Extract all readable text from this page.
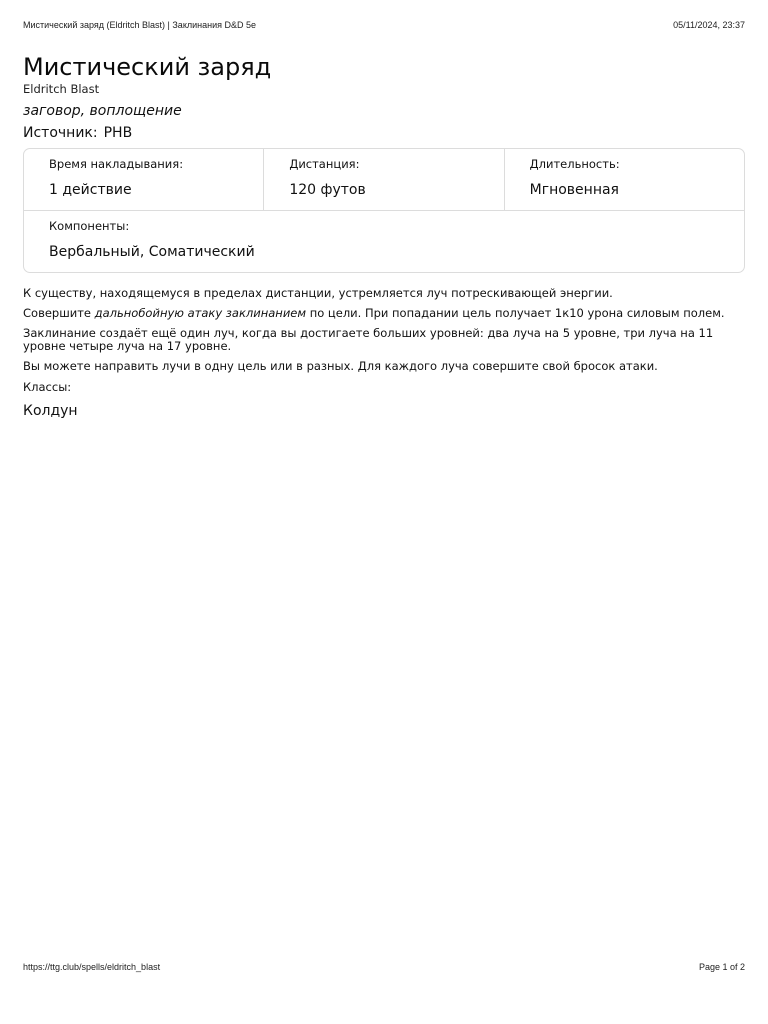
Мистический заряд (Eldritch Blast) | Заклинания D&D 5e	05/11/2024, 23:37
Мистический заряд
Eldritch Blast
заговор, воплощение
Источник: PHB
Время накладывания:
1 действие
Дистанция:
120 футов
Длительность:
Мгновенная
Компоненты:
Вербальный, Соматический

К существу, находящемуся в пределах дистанции, устремляется луч потрескивающей энергии.

Совершите дальнобойную атаку заклинанием по цели. При попадании цель получает 1к10 урона силовым полем.

Заклинание создаёт ещё один луч, когда вы достигаете больших уровней: два луча на 5 уровне, три луча на 11 уровне четыре луча на 17 уровне.

Вы можете направить лучи в одну цель или в разных. Для каждого луча совершите свой бросок атаки.

Классы:
Колдун
https://ttg.club/spells/eldritch_blast	Page 1 of 2
